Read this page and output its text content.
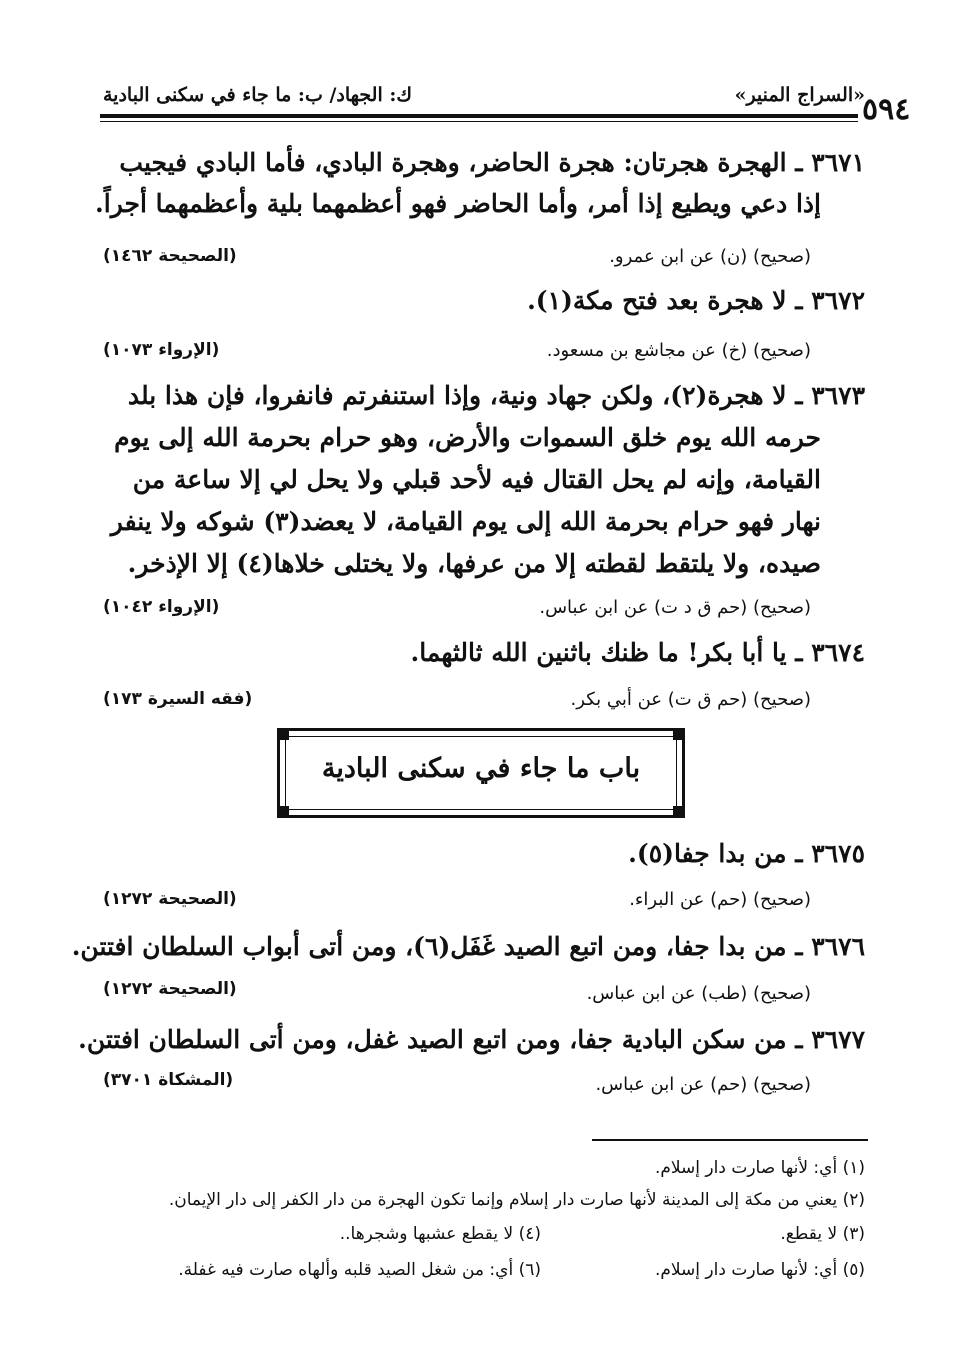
٥٩٤
«السراج المنير»
ك: الجهاد/ ب: ما جاء في سكنى البادية
٣٦٧١ ـ الهجرة هجرتان: هجرة الحاضر، وهجرة البادي، فأما البادي فيجيب
إذا دعي ويطيع إذا أمر، وأما الحاضر فهو أعظمهما بلية وأعظمهما أجراً.
(صحيح) (ن) عن ابن عمرو.
(الصحيحة ١٤٦٢)
٣٦٧٢ ـ لا هجرة بعد فتح مكة(١).
(صحيح) (خ) عن مجاشع بن مسعود.
(الإرواء ١٠٧٣)
٣٦٧٣ ـ لا هجرة(٢)، ولكن جهاد ونية، وإذا استنفرتم فانفروا، فإن هذا بلد
حرمه الله يوم خلق السموات والأرض، وهو حرام بحرمة الله إلى يوم
القيامة، وإنه لم يحل القتال فيه لأحد قبلي ولا يحل لي إلا ساعة من
نهار فهو حرام بحرمة الله إلى يوم القيامة، لا يعضد(٣) شوكه ولا ينفر
صيده، ولا يلتقط لقطته إلا من عرفها، ولا يختلى خلاها(٤) إلا الإذخر.
(صحيح) (حم ق د ت) عن ابن عباس.
(الإرواء ١٠٤٢)
٣٦٧٤ ـ يا أبا بكر! ما ظنك باثنين الله ثالثهما.
(صحيح) (حم ق ت) عن أبي بكر.
(فقه السيرة ١٧٣)
باب ما جاء في سكنى البادية
٣٦٧٥ ـ من بدا جفا(٥).
(صحيح) (حم) عن البراء.
(الصحيحة ١٢٧٢)
٣٦٧٦ ـ من بدا جفا، ومن اتبع الصيد غَفَل(٦)، ومن أتى أبواب السلطان افتتن.
(صحيح) (طب) عن ابن عباس.
(الصحيحة ١٢٧٢)
٣٦٧٧ ـ من سكن البادية جفا، ومن اتبع الصيد غفل، ومن أتى السلطان افتتن.
(صحيح) (حم) عن ابن عباس.
(المشكاة ٣٧٠١)
(١) أي: لأنها صارت دار إسلام.
(٢) يعني من مكة إلى المدينة لأنها صارت دار إسلام وإنما تكون الهجرة من دار الكفر إلى دار الإيمان.
(٣) لا يقطع.
(٤) لا يقطع عشبها وشجرها..
(٥) أي: لأنها صارت دار إسلام.
(٦) أي: من شغل الصيد قلبه وألهاه صارت فيه غفلة.
